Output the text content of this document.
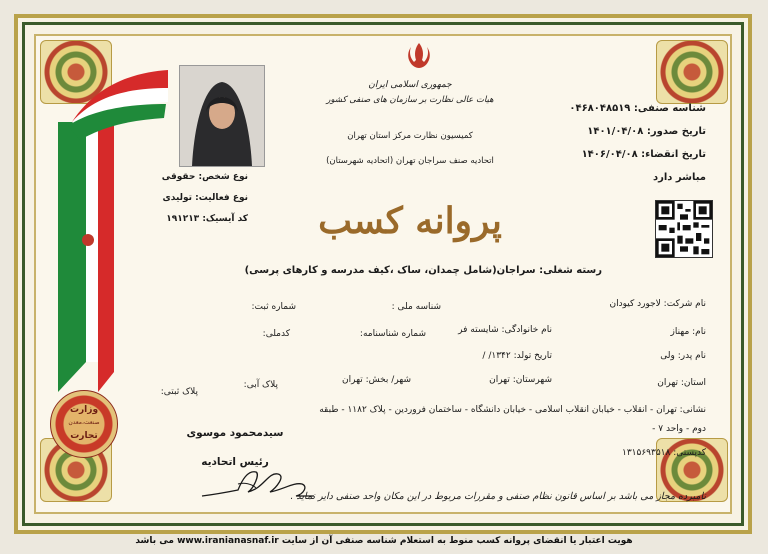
جمهوری اسلامی ایران
هیات عالی نظارت بر سازمان های صنفی کشور
کمیسیون نظارت مرکز استان تهران
اتحادیه صنف سراجان تهران (اتحادیه شهرستان)
پروانه کسب
شناسه صنفی: ۰۴۶۸۰۴۸۵۱۹
تاریخ صدور: ۱۴۰۱/۰۴/۰۸
تاریخ انقضاء: ۱۴۰۶/۰۴/۰۸
مباشر دارد
نوع شخص: حقوقی
نوع فعالیت: تولیدی
کد آیسیک: ۱۹۱۲۱۳
وزارت
صنعت،معدن
تجارت
رسته شغلی: سراجان(شامل چمدان، ساک ،کیف مدرسه و کارهای پرسی)
نام شرکت: لاجورد کیودان
شناسه ملی :
شماره ثبت:
نام: مهناز
نام خانوادگی: شایسته فر
شماره شناسنامه:
کدملی:
نام پدر: ولی
تاریخ تولد: ۱۳۴۲/ /
استان: تهران
شهرستان: تهران
شهر/ بخش: تهران
پلاک آبی:
پلاک ثبتی:
نشانی: تهران - انقلاب - خیابان انقلاب اسلامی - خیابان دانشگاه - ساختمان فروردین - پلاک ۱۱۸۲ - طبقه
دوم - واحد ۷ -
کدپستی: ۱۳۱۵۶۹۳۵۱۸
سیدمحمود موسوی
رئیس اتحادیه
نامبرده مجاز می باشد بر اساس قانون نظام صنفی و مقررات مربوط در این مکان واحد صنفی دایر نماید .
هویت اعتبار یا انقضای پروانه کسب منوط به استعلام شناسه صنفی آن از سایت www.iranianasnaf.ir می باشد
